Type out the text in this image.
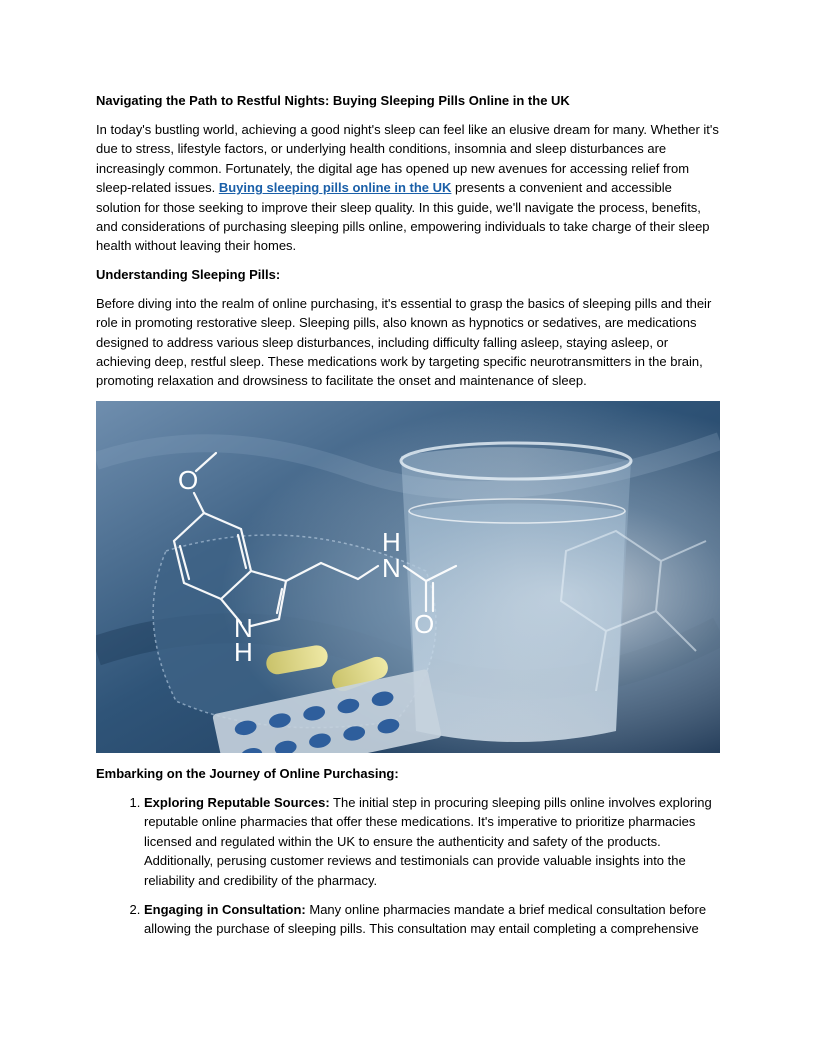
Navigating the Path to Restful Nights: Buying Sleeping Pills Online in the UK

In today's bustling world, achieving a good night's sleep can feel like an elusive dream for many. Whether it's due to stress, lifestyle factors, or underlying health conditions, insomnia and sleep disturbances are increasingly common. Fortunately, the digital age has opened up new avenues for accessing relief from sleep-related issues. Buying sleeping pills online in the UK presents a convenient and accessible solution for those seeking to improve their sleep quality. In this guide, we'll navigate the process, benefits, and considerations of purchasing sleeping pills online, empowering individuals to take charge of their sleep health without leaving their homes.

Understanding Sleeping Pills:

Before diving into the realm of online purchasing, it's essential to grasp the basics of sleeping pills and their role in promoting restorative sleep. Sleeping pills, also known as hypnotics or sedatives, are medications designed to address various sleep disturbances, including difficulty falling asleep, staying asleep, or achieving deep, restful sleep. These medications work by targeting specific neurotransmitters in the brain, promoting relaxation and drowsiness to facilitate the onset and maintenance of sleep.

O
H
N
O
N
H

Embarking on the Journey of Online Purchasing:

1. Exploring Reputable Sources: The initial step in procuring sleeping pills online involves exploring reputable online pharmacies that offer these medications. It's imperative to prioritize pharmacies licensed and regulated within the UK to ensure the authenticity and safety of the products. Additionally, perusing customer reviews and testimonials can provide valuable insights into the reliability and credibility of the pharmacy.
2. Engaging in Consultation: Many online pharmacies mandate a brief medical consultation before allowing the purchase of sleeping pills. This consultation may entail completing a comprehensive
